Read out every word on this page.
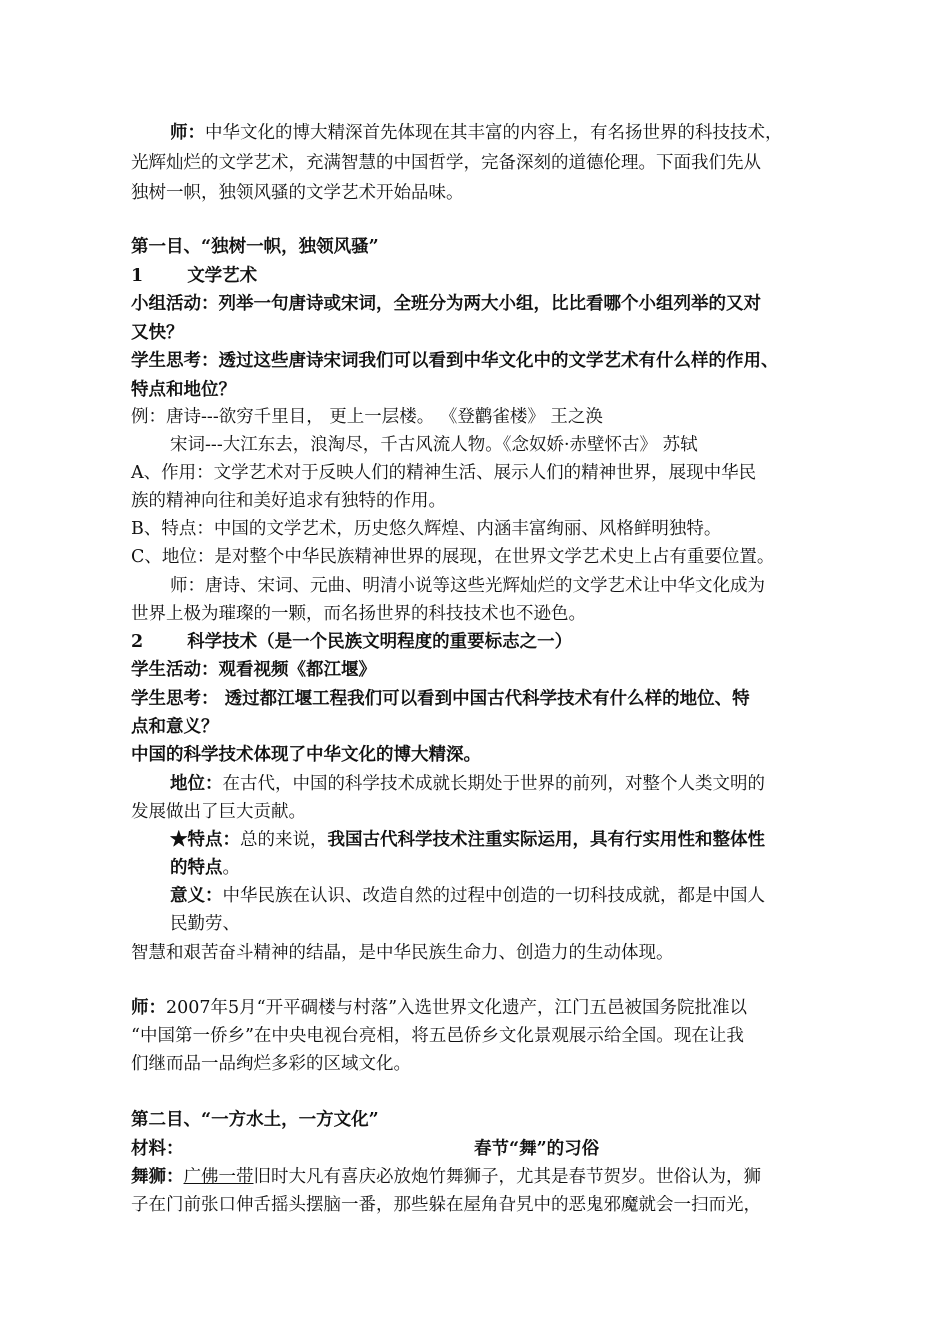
师：中华文化的博大精深首先体现在其丰富的内容上，有名扬世界的科技技术，
光辉灿烂的文学艺术，充满智慧的中国哲学，完备深刻的道德伦理。下面我们先从
独树一帜，独领风骚的文学艺术开始品味。
第一目、“独树一帜，独领风骚”
1	文学艺术
小组活动：列举一句唐诗或宋词，全班分为两大小组，比比看哪个小组列举的又对
又快？
学生思考：透过这些唐诗宋词我们可以看到中华文化中的文学艺术有什么样的作用、
特点和地位？
例：唐诗---欲穷千里目， 更上一层楼。 《登鹳雀楼》 王之涣
宋词---大江东去，浪淘尽，千古风流人物。《念奴娇·赤壁怀古》 苏轼
A、作用：文学艺术对于反映人们的精神生活、展示人们的精神世界，展现中华民
族的精神向往和美好追求有独特的作用。
B、特点：中国的文学艺术，历史悠久辉煌、内涵丰富绚丽、风格鲜明独特。
C、地位：是对整个中华民族精神世界的展现，在世界文学艺术史上占有重要位置。
师：唐诗、宋词、元曲、明清小说等这些光辉灿烂的文学艺术让中华文化成为
世界上极为璀璨的一颗，而名扬世界的科技技术也不逊色。
2	科学技术（是一个民族文明程度的重要标志之一）
学生活动：观看视频《都江堰》
学生思考： 透过都江堰工程我们可以看到中国古代科学技术有什么样的地位、特
点和意义？
中国的科学技术体现了中华文化的博大精深。
地位：在古代，中国的科学技术成就长期处于世界的前列，对整个人类文明的
发展做出了巨大贡献。
★特点：总的来说，我国古代科学技术注重实际运用，具有行实用性和整体性
的特点。
意义：中华民族在认识、改造自然的过程中创造的一切科技成就，都是中国人
民勤劳、
智慧和艰苦奋斗精神的结晶，是中华民族生命力、创造力的生动体现。
师：2007年5月“开平碉楼与村落”入选世界文化遗产，江门五邑被国务院批准以
“中国第一侨乡”在中央电视台亮相，将五邑侨乡文化景观展示给全国。现在让我
们继而品一品绚烂多彩的区域文化。
第二目、“一方水土，一方文化”
材料：	春节“舞”的习俗
舞狮：广佛一带旧时大凡有喜庆必放炮竹舞狮子，尤其是春节贺岁。世俗认为，狮
子在门前张口伸舌摇头摆脑一番，那些躲在屋角旮旯中的恶鬼邪魔就会一扫而光，
